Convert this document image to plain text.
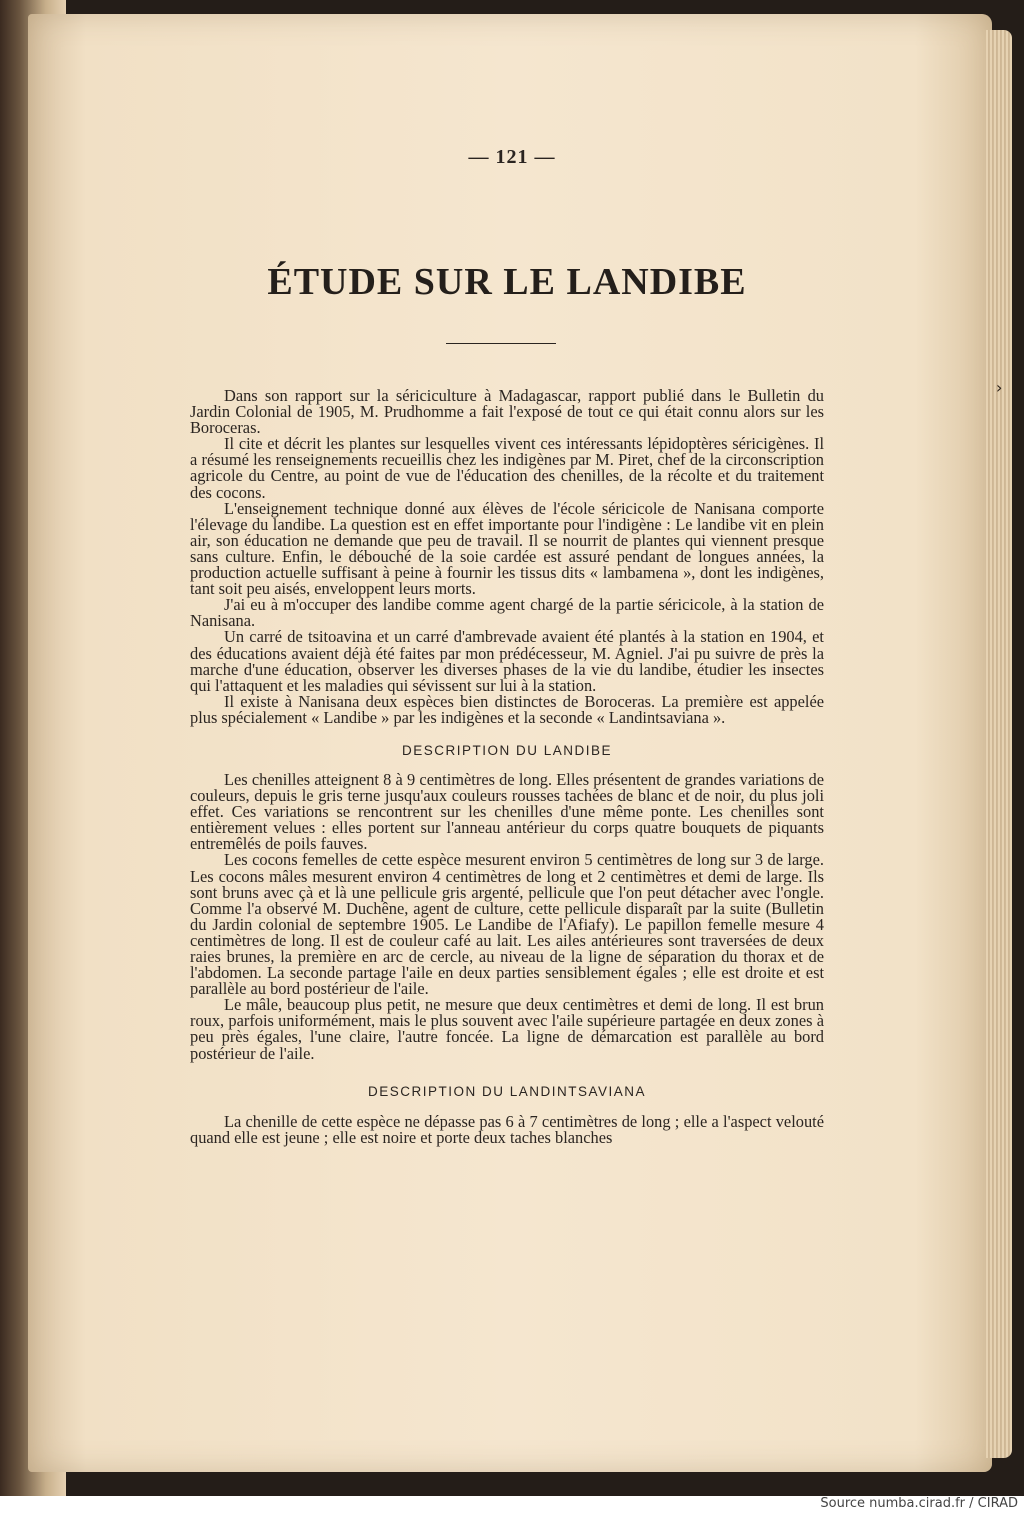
›
— 121 —
ÉTUDE SUR LE LANDIBE

Dans son rapport sur la sériciculture à Madagascar, rapport publié dans le Bulletin du Jardin Colonial de 1905, M. Prudhomme a fait l'exposé de tout ce qui était connu alors sur les Boroceras.

Il cite et décrit les plantes sur lesquelles vivent ces intéressants lépidoptères séricigènes. Il a résumé les renseignements recueillis chez les indigènes par M. Piret, chef de la circonscription agricole du Centre, au point de vue de l'éducation des chenilles, de la récolte et du traitement des cocons.

L'enseignement technique donné aux élèves de l'école séricicole de Nanisana comporte l'élevage du landibe. La question est en effet importante pour l'indigène : Le landibe vit en plein air, son éducation ne demande que peu de travail. Il se nourrit de plantes qui viennent presque sans culture. Enfin, le débouché de la soie cardée est assuré pendant de longues années, la production actuelle suffisant à peine à fournir les tissus dits « lambamena », dont les indigènes, tant soit peu aisés, enveloppent leurs morts.

J'ai eu à m'occuper des landibe comme agent chargé de la partie séricicole, à la station de Nanisana.

Un carré de tsitoavina et un carré d'ambrevade avaient été plantés à la station en 1904, et des éducations avaient déjà été faites par mon prédécesseur, M. Agniel. J'ai pu suivre de près la marche d'une éducation, observer les diverses phases de la vie du landibe, étudier les insectes qui l'attaquent et les maladies qui sévissent sur lui à la station.

Il existe à Nanisana deux espèces bien distinctes de Boroceras. La première est appelée plus spécialement « Landibe » par les indigènes et la seconde « Landintsaviana ».

DESCRIPTION DU LANDIBE

Les chenilles atteignent 8 à 9 centimètres de long. Elles présentent de grandes variations de couleurs, depuis le gris terne jusqu'aux couleurs rousses tachées de blanc et de noir, du plus joli effet. Ces variations se rencontrent sur les chenilles d'une même ponte. Les chenilles sont entièrement velues : elles portent sur l'anneau antérieur du corps quatre bouquets de piquants entremêlés de poils fauves.

Les cocons femelles de cette espèce mesurent environ 5 centimètres de long sur 3 de large. Les cocons mâles mesurent environ 4 centimètres de long et 2 centimètres et demi de large. Ils sont bruns avec çà et là une pellicule gris argenté, pellicule que l'on peut détacher avec l'ongle. Comme l'a observé M. Duchêne, agent de culture, cette pellicule disparaît par la suite (Bulletin du Jardin colonial de septembre 1905. Le Landibe de l'Afiafy). Le papillon femelle mesure 4 centimètres de long. Il est de couleur café au lait. Les ailes antérieures sont traversées de deux raies brunes, la première en arc de cercle, au niveau de la ligne de séparation du thorax et de l'abdomen. La seconde partage l'aile en deux parties sensiblement égales ; elle est droite et est parallèle au bord postérieur de l'aile.

Le mâle, beaucoup plus petit, ne mesure que deux centimètres et demi de long. Il est brun roux, parfois uniformément, mais le plus souvent avec l'aile supérieure partagée en deux zones à peu près égales, l'une claire, l'autre foncée. La ligne de démarcation est parallèle au bord postérieur de l'aile.

DESCRIPTION DU LANDINTSAVIANA

La chenille de cette espèce ne dépasse pas 6 à 7 centimètres de long ; elle a l'aspect velouté quand elle est jeune ; elle est noire et porte deux taches blanches

Source numba.cirad.fr / CIRAD
